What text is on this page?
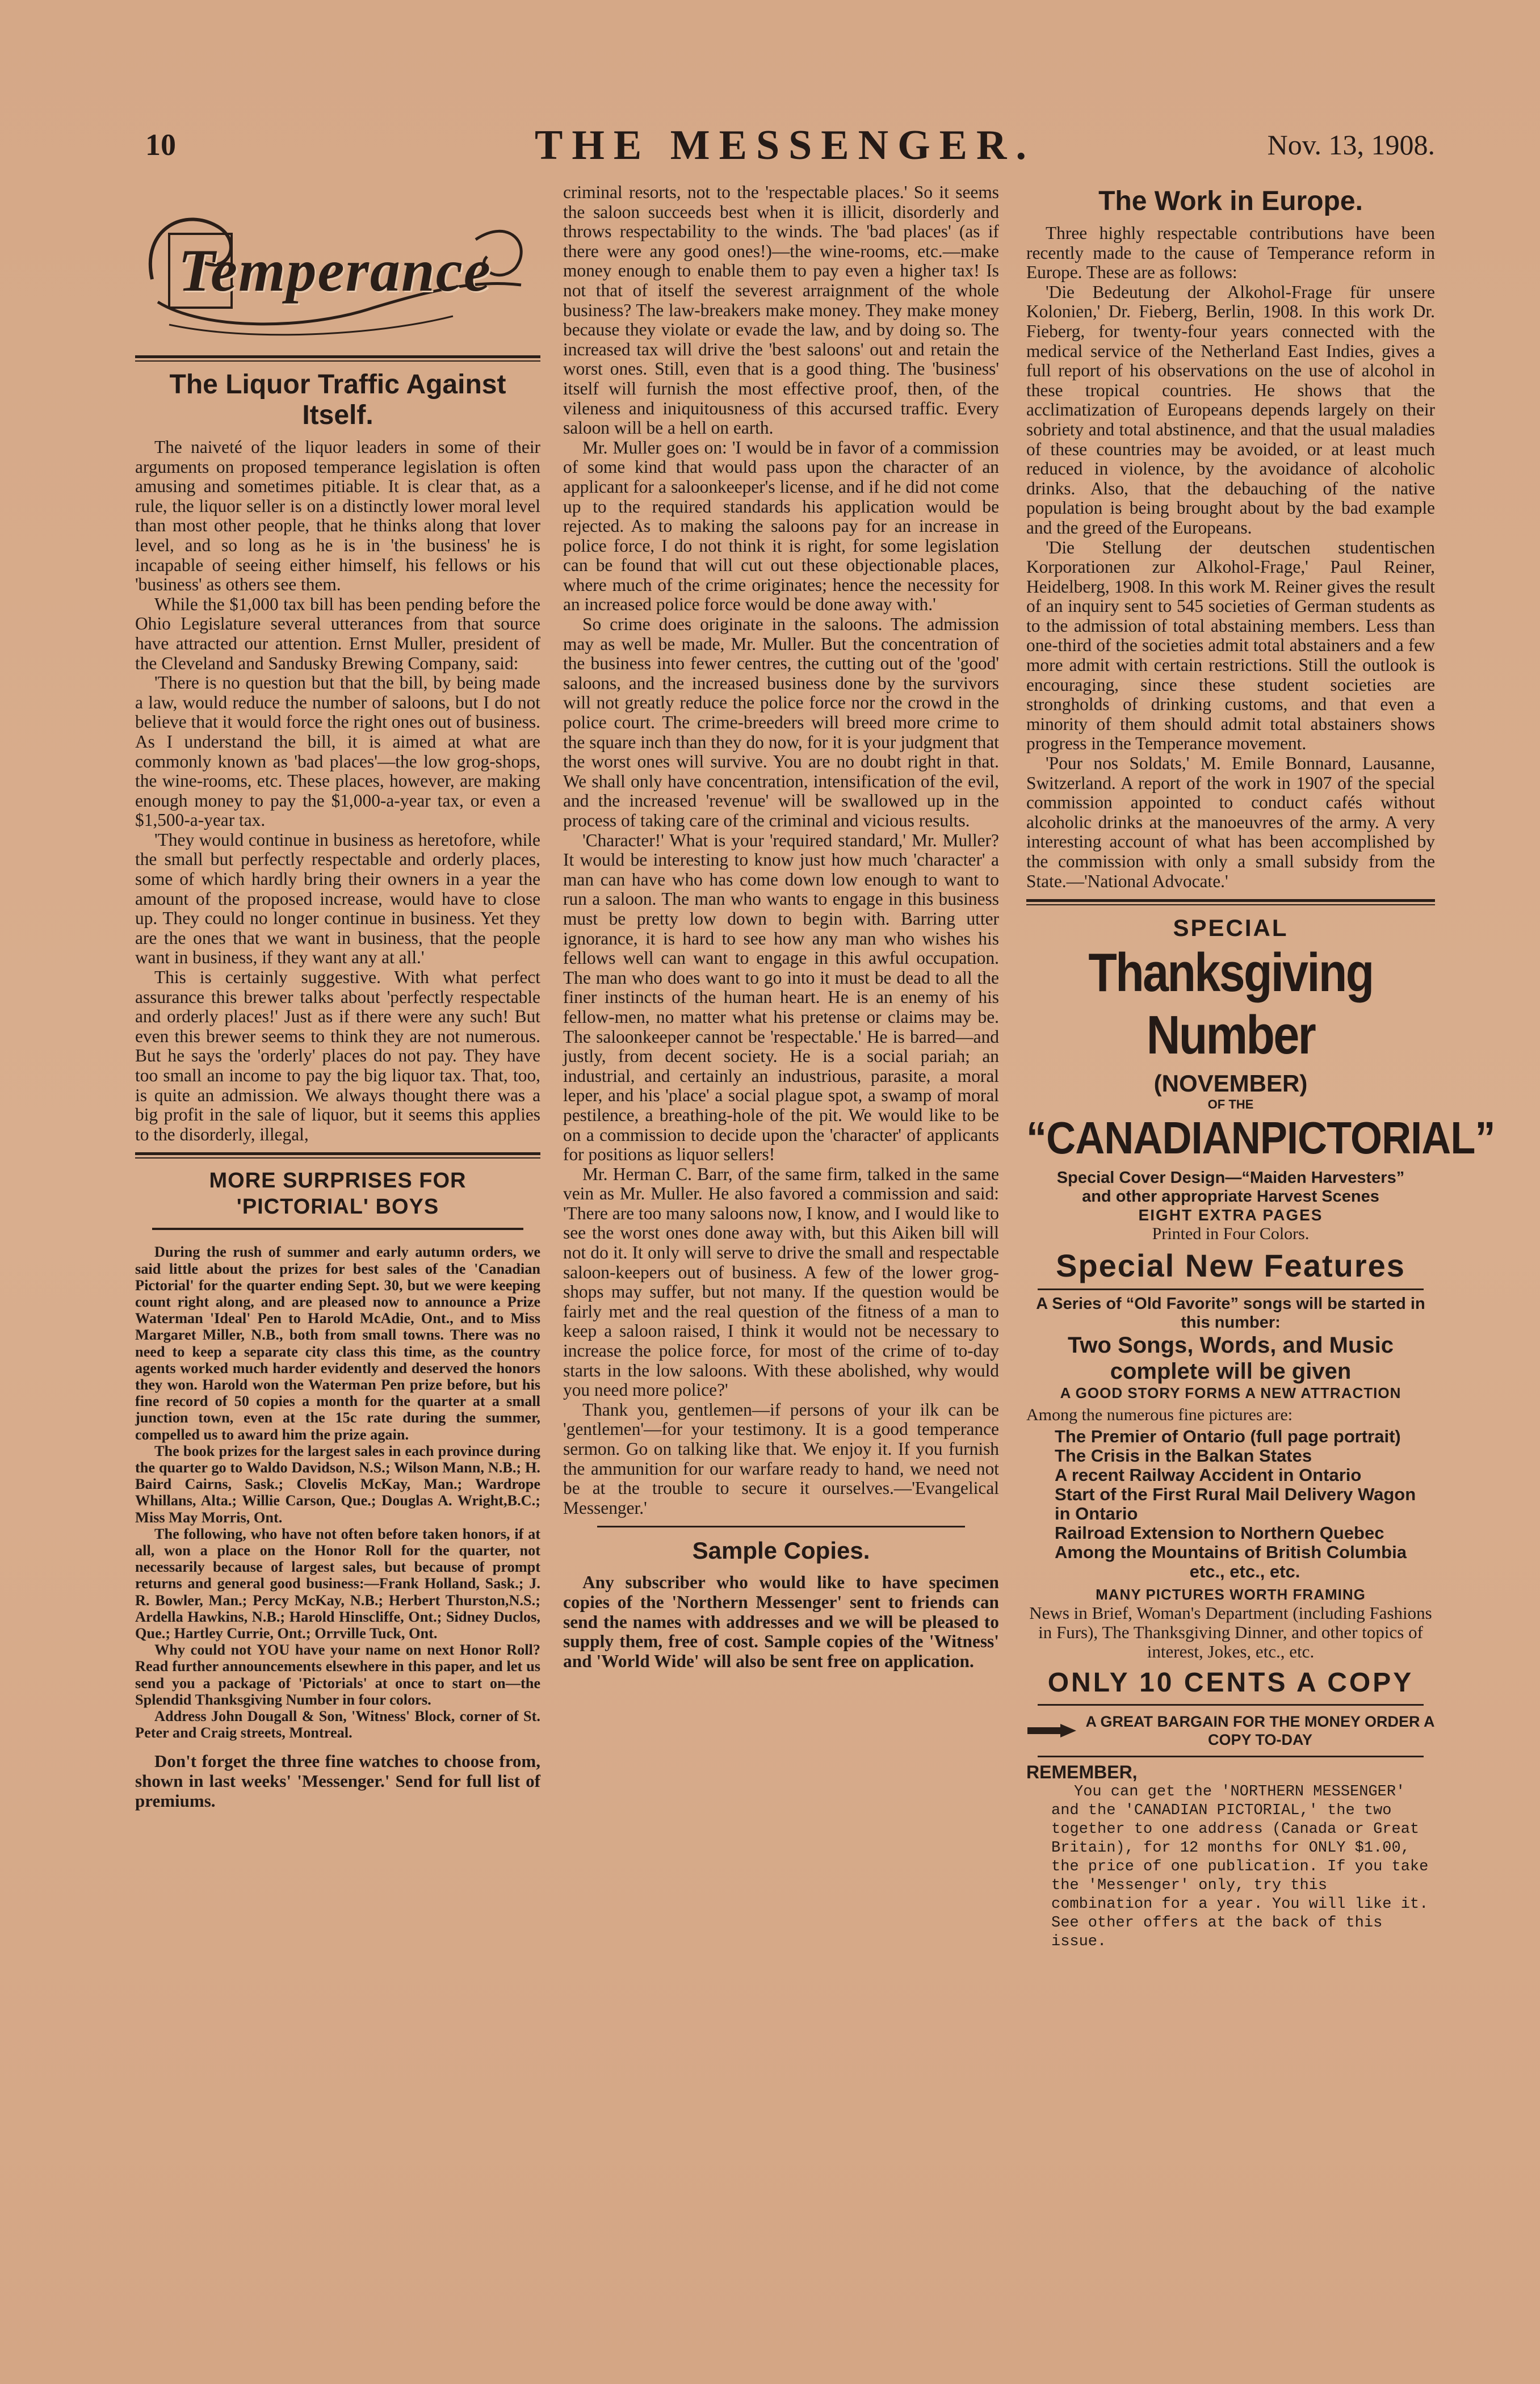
10	THE MESSENGER.	Nov. 13, 1908.
Temperance
The Liquor Traffic Against Itself.

The naiveté of the liquor leaders in some of their arguments on proposed temperance legislation is often amusing and sometimes pitiable. It is clear that, as a rule, the liquor seller is on a distinctly lower moral level than most other people, that he thinks along that lover level, and so long as he is in 'the business' he is incapable of seeing either himself, his fellows or his 'business' as others see them.

While the $1,000 tax bill has been pending before the Ohio Legislature several utterances from that source have attracted our attention. Ernst Muller, president of the Cleveland and Sandusky Brewing Company, said:

'There is no question but that the bill, by being made a law, would reduce the number of saloons, but I do not believe that it would force the right ones out of business. As I understand the bill, it is aimed at what are commonly known as 'bad places'—the low grog-shops, the wine-rooms, etc. These places, however, are making enough money to pay the $1,000-a-year tax, or even a $1,500-a-year tax.

'They would continue in business as heretofore, while the small but perfectly respectable and orderly places, some of which hardly bring their owners in a year the amount of the proposed increase, would have to close up. They could no longer continue in business. Yet they are the ones that we want in business, that the people want in business, if they want any at all.'

This is certainly suggestive. With what perfect assurance this brewer talks about 'perfectly respectable and orderly places!' Just as if there were any such! But even this brewer seems to think they are not numerous. But he says the 'orderly' places do not pay. They have too small an income to pay the big liquor tax. That, too, is quite an admission. We always thought there was a big profit in the sale of liquor, but it seems this applies to the disorderly, illegal,

MORE SURPRISES FOR
'PICTORIAL' BOYS

During the rush of summer and early autumn orders, we said little about the prizes for best sales of the 'Canadian Pictorial' for the quarter ending Sept. 30, but we were keeping count right along, and are pleased now to announce a Prize Waterman 'Ideal' Pen to Harold McAdie, Ont., and to Miss Margaret Miller, N.B., both from small towns. There was no need to keep a separate city class this time, as the country agents worked much harder evidently and deserved the honors they won. Harold won the Waterman Pen prize before, but his fine record of 50 copies a month for the quarter at a small junction town, even at the 15c rate during the summer, compelled us to award him the prize again.

The book prizes for the largest sales in each province during the quarter go to Waldo Davidson, N.S.; Wilson Mann, N.B.; H. Baird Cairns, Sask.; Clovelis McKay, Man.; Wardrope Whillans, Alta.; Willie Carson, Que.; Douglas A. Wright,B.C.; Miss May Morris, Ont.

The following, who have not often before taken honors, if at all, won a place on the Honor Roll for the quarter, not necessarily because of largest sales, but because of prompt returns and general good business:—Frank Holland, Sask.; J. R. Bowler, Man.; Percy McKay, N.B.; Herbert Thurston,N.S.; Ardella Hawkins, N.B.; Harold Hinscliffe, Ont.; Sidney Duclos, Que.; Hartley Currie, Ont.; Orrville Tuck, Ont.

Why could not YOU have your name on next Honor Roll? Read further announcements elsewhere in this paper, and let us send you a package of 'Pictorials' at once to start on—the Splendid Thanksgiving Number in four colors.

Address John Dougall & Son, 'Witness' Block, corner of St. Peter and Craig streets, Montreal.

Don't forget the three fine watches to choose from, shown in last weeks' 'Messenger.' Send for full list of premiums.

criminal resorts, not to the 'respectable places.' So it seems the saloon succeeds best when it is illicit, disorderly and throws respectability to the winds. The 'bad places' (as if there were any good ones!)—the wine-rooms, etc.—make money enough to enable them to pay even a higher tax! Is not that of itself the severest arraignment of the whole business? The law-breakers make money. They make money because they violate or evade the law, and by doing so. The increased tax will drive the 'best saloons' out and retain the worst ones. Still, even that is a good thing. The 'business' itself will furnish the most effective proof, then, of the vileness and iniquitousness of this accursed traffic. Every saloon will be a hell on earth.

Mr. Muller goes on: 'I would be in favor of a commission of some kind that would pass upon the character of an applicant for a saloonkeeper's license, and if he did not come up to the required standards his application would be rejected. As to making the saloons pay for an increase in police force, I do not think it is right, for some legislation can be found that will cut out these objectionable places, where much of the crime originates; hence the necessity for an increased police force would be done away with.'

So crime does originate in the saloons. The admission may as well be made, Mr. Muller. But the concentration of the business into fewer centres, the cutting out of the 'good' saloons, and the increased business done by the survivors will not greatly reduce the police force nor the crowd in the police court. The crime-breeders will breed more crime to the square inch than they do now, for it is your judgment that the worst ones will survive. You are no doubt right in that. We shall only have concentration, intensification of the evil, and the increased 'revenue' will be swallowed up in the process of taking care of the criminal and vicious results.

'Character!' What is your 'required standard,' Mr. Muller? It would be interesting to know just how much 'character' a man can have who has come down low enough to want to run a saloon. The man who wants to engage in this business must be pretty low down to begin with. Barring utter ignorance, it is hard to see how any man who wishes his fellows well can want to engage in this awful occupation. The man who does want to go into it must be dead to all the finer instincts of the human heart. He is an enemy of his fellow-men, no matter what his pretense or claims may be. The saloonkeeper cannot be 'respectable.' He is barred—and justly, from decent society. He is a social pariah; an industrial, and certainly an industrious, parasite, a moral leper, and his 'place' a social plague spot, a swamp of moral pestilence, a breathing-hole of the pit. We would like to be on a commission to decide upon the 'character' of applicants for positions as liquor sellers!

Mr. Herman C. Barr, of the same firm, talked in the same vein as Mr. Muller. He also favored a commission and said: 'There are too many saloons now, I know, and I would like to see the worst ones done away with, but this Aiken bill will not do it. It only will serve to drive the small and respectable saloon-keepers out of business. A few of the lower grog-shops may suffer, but not many. If the question would be fairly met and the real question of the fitness of a man to keep a saloon raised, I think it would not be necessary to increase the police force, for most of the crime of to-day starts in the low saloons. With these abolished, why would you need more police?'

Thank you, gentlemen—if persons of your ilk can be 'gentlemen'—for your testimony. It is a good temperance sermon. Go on talking like that. We enjoy it. If you furnish the ammunition for our warfare ready to hand, we need not be at the trouble to secure it ourselves.—'Evangelical Messenger.'

Sample Copies.

Any subscriber who would like to have specimen copies of the 'Northern Messenger' sent to friends can send the names with addresses and we will be pleased to supply them, free of cost. Sample copies of the 'Witness' and 'World Wide' will also be sent free on application.

The Work in Europe.

Three highly respectable contributions have been recently made to the cause of Temperance reform in Europe. These are as follows:

'Die Bedeutung der Alkohol-Frage für unsere Kolonien,' Dr. Fieberg, Berlin, 1908. In this work Dr. Fieberg, for twenty-four years connected with the medical service of the Netherland East Indies, gives a full report of his observations on the use of alcohol in these tropical countries. He shows that the acclimatization of Europeans depends largely on their sobriety and total abstinence, and that the usual maladies of these countries may be avoided, or at least much reduced in violence, by the avoidance of alcoholic drinks. Also, that the debauching of the native population is being brought about by the bad example and the greed of the Europeans.

'Die Stellung der deutschen studentischen Korporationen zur Alkohol-Frage,' Paul Reiner, Heidelberg, 1908. In this work M. Reiner gives the result of an inquiry sent to 545 societies of German students as to the admission of total abstaining members. Less than one-third of the societies admit total abstainers and a few more admit with certain restrictions. Still the outlook is encouraging, since these student societies are strongholds of drinking customs, and that even a minority of them should admit total abstainers shows progress in the Temperance movement.

'Pour nos Soldats,' M. Emile Bonnard, Lausanne, Switzerland. A report of the work in 1907 of the special commission appointed to conduct cafés without alcoholic drinks at the manoeuvres of the army. A very interesting account of what has been accomplished by the commission with only a small subsidy from the State.—'National Advocate.'

SPECIAL
Thanksgiving Number
(NOVEMBER)
OF THE
“CANADIANPICTORIAL”
Special Cover Design—“Maiden Harvesters”
and other appropriate Harvest Scenes
EIGHT EXTRA PAGES
Printed in Four Colors.
Special New Features
A Series of “Old Favorite” songs will be started in this number:
Two Songs, Words, and Music complete will be given
A GOOD STORY FORMS A NEW ATTRACTION
Among the numerous fine pictures are:
The Premier of Ontario (full page portrait)
The Crisis in the Balkan States
A recent Railway Accident in Ontario
Start of the First Rural Mail Delivery Wagon in Ontario
Railroad Extension to Northern Quebec
Among the Mountains of British Columbia
etc., etc., etc.
MANY PICTURES WORTH FRAMING
News in Brief, Woman's Department (including Fashions in Furs), The Thanksgiving Dinner, and other topics of interest, Jokes, etc., etc.
ONLY 10 CENTS A COPY
A GREAT BARGAIN FOR THE MONEY ORDER A COPY TO-DAY
REMEMBER,

You can get the 'NORTHERN MESSENGER' and the 'CANADIAN PICTORIAL,' the two together to one address (Canada or Great Britain), for 12 months for ONLY $1.00, the price of one publication. If you take the 'Messenger' only, try this combination for a year. You will like it. See other offers at the back of this issue.
